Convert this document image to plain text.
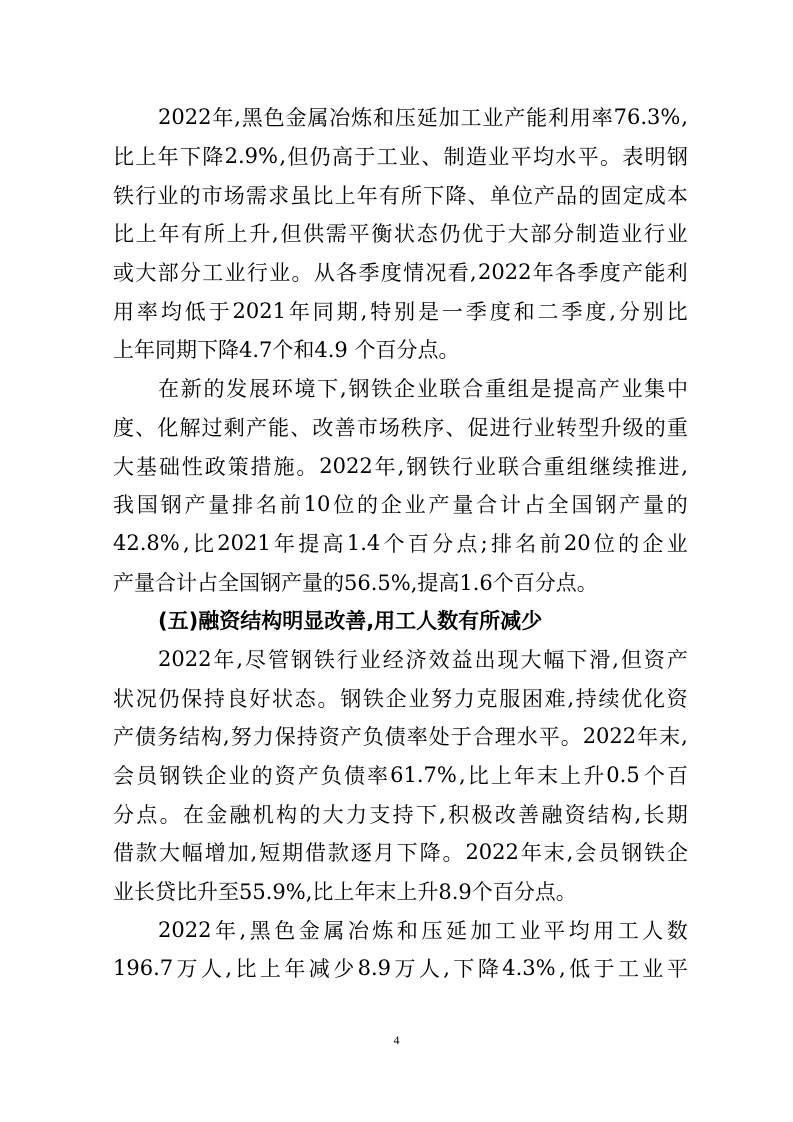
2022 年 , 黑 色 金 属 冶 炼 和 压 延 加 工 业 产 能 利 用 率 76.3% ,
比 上 年 下 降 2.9% , 但 仍 高 于 工 业 、 制 造 业 平 均 水 平 。 表 明 钢
铁 行 业 的 市 场 需 求 虽 比 上 年 有 所 下 降 、 单 位 产 品 的 固 定 成 本
比 上 年 有 所 上 升 , 但 供 需 平 衡 状 态 仍 优 于 大 部 分 制 造 业 行 业
或 大 部 分 工 业 行 业 。 从 各 季 度 情 况 看 , 2022 年 各 季 度 产 能 利
用 率 均 低 于 2021 年 同 期 , 特 别 是 一 季 度 和 二 季 度 , 分 别 比
上年同期下降4.7个和4.9 个百分点。
在 新 的 发 展 环 境 下 , 钢 铁 企 业 联 合 重 组 是 提 高 产 业 集 中
度 、 化 解 过 剩 产 能 、 改 善 市 场 秩 序 、 促 进 行 业 转 型 升 级 的 重
大 基 础 性 政 策 措 施 。 2022 年 , 钢 铁 行 业 联 合 重 组 继 续 推 进 ,
我 国 钢 产 量 排 名 前 10 位 的 企 业 产 量 合 计 占 全 国 钢 产 量 的
42.8% , 比 2021 年 提 高 1.4 个 百 分 点 ; 排 名 前 20 位 的 企 业
产量合计占全国钢产量的56.5%,提高1.6个百分点。
(五)融资结构明显改善,用工人数有所减少
2022 年 , 尽 管 钢 铁 行 业 经 济 效 益 出 现 大 幅 下 滑 , 但 资 产
状 况 仍 保 持 良 好 状 态 。 钢 铁 企 业 努 力 克 服 困 难 , 持 续 优 化 资
产 债 务 结 构 , 努 力 保 持 资 产 负 债 率 处 于 合 理 水 平 。 2022 年 末 ,
会 员 钢 铁 企 业 的 资 产 负 债 率 61.7% , 比 上 年 末 上 升 0.5 个 百
分 点 。 在 金 融 机 构 的 大 力 支 持 下 , 积 极 改 善 融 资 结 构 , 长 期
借 款 大 幅 增 加 , 短 期 借 款 逐 月 下 降 。 2022 年 末 , 会 员 钢 铁 企
业长贷比升至55.9%,比上年末上升8.9个百分点。
2022 年 , 黑 色 金 属 冶 炼 和 压 延 加 工 业 平 均 用 工 人 数
196.7 万 人 , 比 上 年 减 少 8.9 万 人 , 下 降 4.3% , 低 于 工 业 平
4
